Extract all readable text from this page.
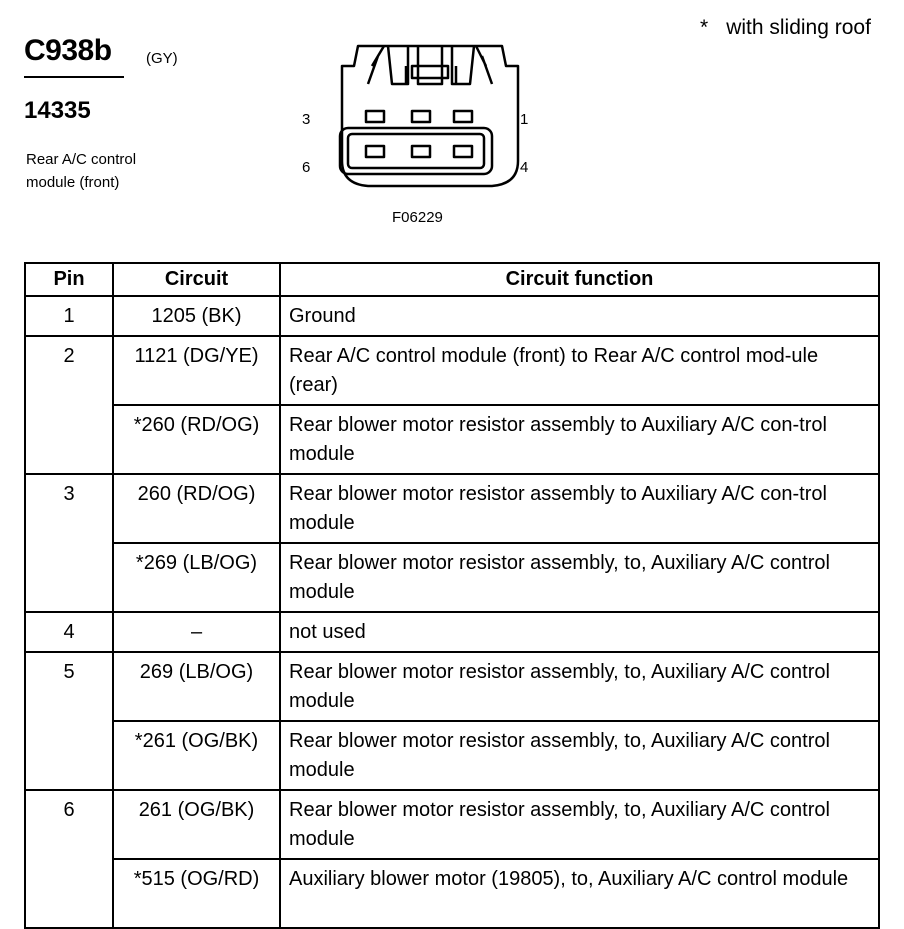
* with sliding roof
C938b (GY)
14335
Rear A/C control module (front)
3	1
6	4
F06229
Pin	Circuit	Circuit function
1	1205 (BK)	Ground
2	1121 (DG/YE)	Rear A/C control module (front) to Rear A/C control mod-ule (rear)
	*260 (RD/OG)	Rear blower motor resistor assembly to Auxiliary A/C con-trol module
3	260 (RD/OG)	Rear blower motor resistor assembly to Auxiliary A/C con-trol module
	*269 (LB/OG)	Rear blower motor resistor assembly, to, Auxiliary A/C control module
4	–	not used
5	269 (LB/OG)	Rear blower motor resistor assembly, to, Auxiliary A/C control module
	*261 (OG/BK)	Rear blower motor resistor assembly, to, Auxiliary A/C control module
6	261 (OG/BK)	Rear blower motor resistor assembly, to, Auxiliary A/C control module
	*515 (OG/RD)	Auxiliary blower motor (19805), to, Auxiliary A/C control module
